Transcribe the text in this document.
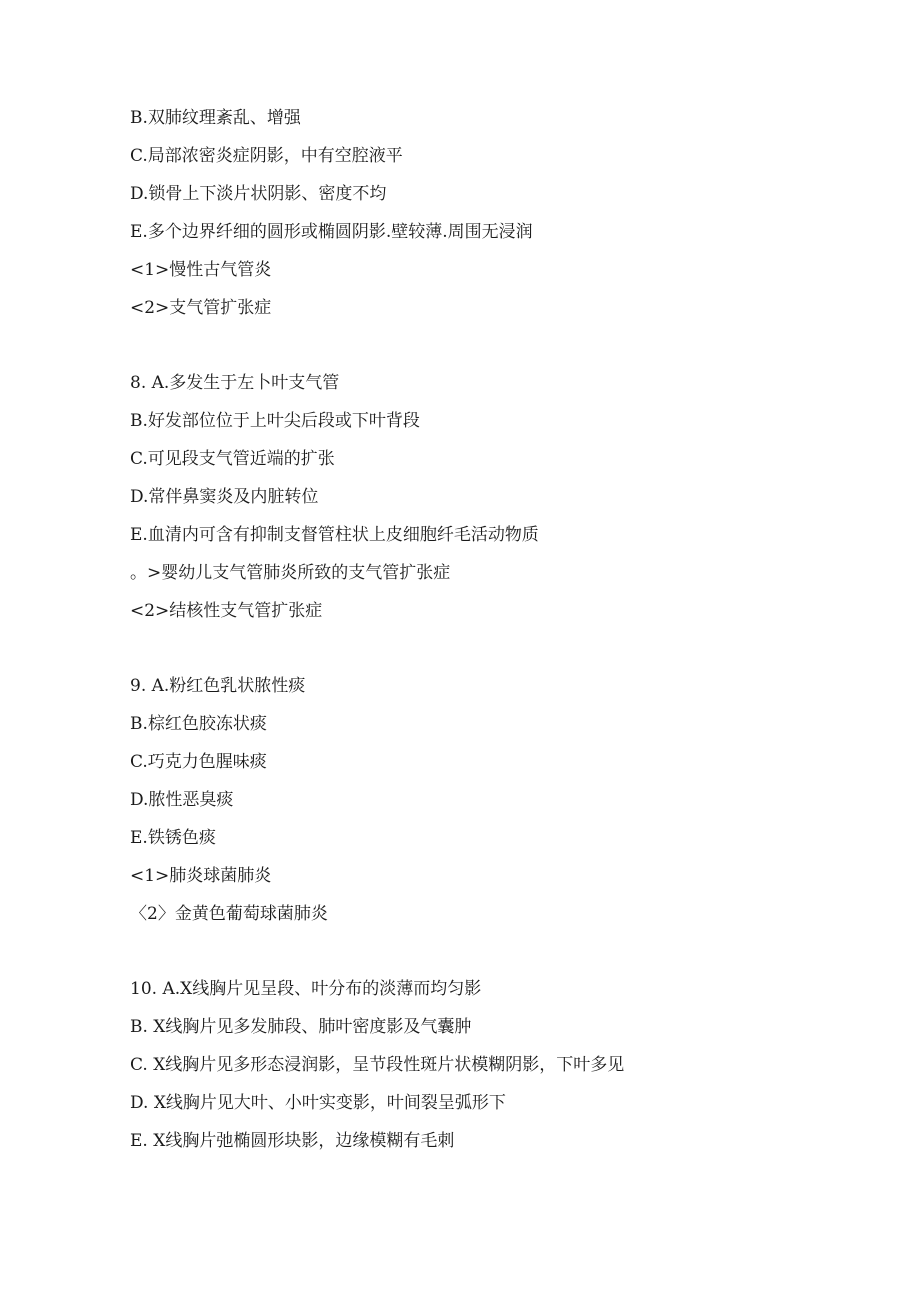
B.双肺纹理紊乱、增强
C.局部浓密炎症阴影，中有空腔液平
D.锁骨上下淡片状阴影、密度不均
E.多个边界纤细的圆形或椭圆阴影.壁较薄.周围无浸润
<1>慢性古气管炎
<2>支气管扩张症
8. A.多发生于左卜叶支气管
B.好发部位位于上叶尖后段或下叶背段
C.可见段支气管近端的扩张
D.常伴鼻窦炎及内脏转位
E.血清内可含有抑制支督管柱状上皮细胞纤毛活动物质
。>婴幼儿支气管肺炎所致的支气管扩张症
<2>结核性支气管扩张症
9. A.粉红色乳状脓性痰
B.棕红色胶冻状痰
C.巧克力色腥味痰
D.脓性恶臭痰
E.铁锈色痰
<1>肺炎球菌肺炎
〈2〉金黄色葡萄球菌肺炎
10. A.X线胸片见呈段、叶分布的淡薄而均匀影
B. X线胸片见多发肺段、肺叶密度影及气囊肿
C. X线胸片见多形态浸润影，呈节段性斑片状模糊阴影，下叶多见
D. X线胸片见大叶、小叶实变影，叶间裂呈弧形下
E. X线胸片弛椭圆形块影，边缘模糊有毛刺
